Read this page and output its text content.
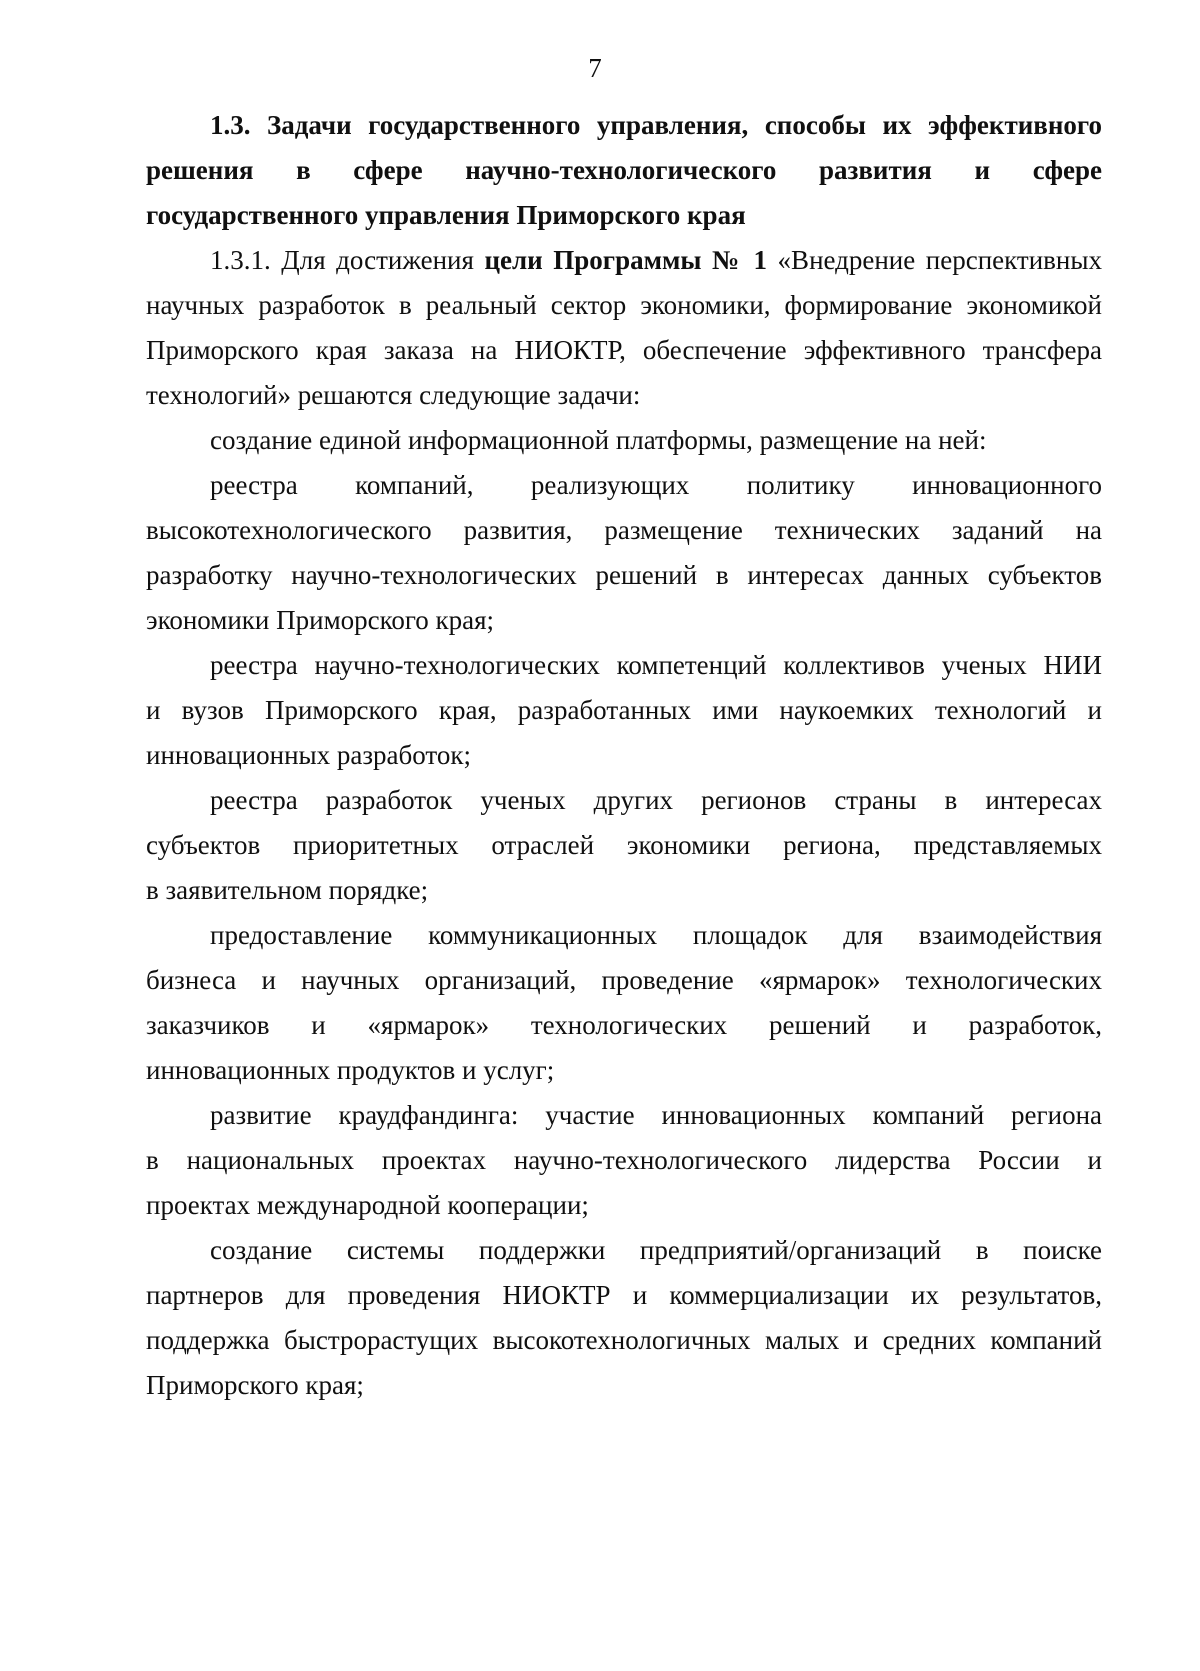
7
1.3. Задачи государственного управления, способы их эффективного
решения в сфере научно-технологического развития и сфере
государственного управления Приморского края
1.3.1. Для достижения цели Программы № 1 «Внедрение перспективных
научных разработок в реальный сектор экономики, формирование экономикой
Приморского края заказа на НИОКТР, обеспечение эффективного трансфера
технологий» решаются следующие задачи:
создание единой информационной платформы, размещение на ней:
реестра компаний, реализующих политику инновационного
высокотехнологического развития, размещение технических заданий на
разработку научно-технологических решений в интересах данных субъектов
экономики Приморского края;
реестра научно-технологических компетенций коллективов ученых НИИ
и вузов Приморского края, разработанных ими наукоемких технологий и
инновационных разработок;
реестра разработок ученых других регионов страны в интересах
субъектов приоритетных отраслей экономики региона, представляемых
в заявительном порядке;
предоставление коммуникационных площадок для взаимодействия
бизнеса и научных организаций, проведение «ярмарок» технологических
заказчиков и «ярмарок» технологических решений и разработок,
инновационных продуктов и услуг;
развитие краудфандинга: участие инновационных компаний региона
в национальных проектах научно-технологического лидерства России и
проектах международной кооперации;
создание системы поддержки предприятий/организаций в поиске
партнеров для проведения НИОКТР и коммерциализации их результатов,
поддержка быстрорастущих высокотехнологичных малых и средних компаний
Приморского края;
